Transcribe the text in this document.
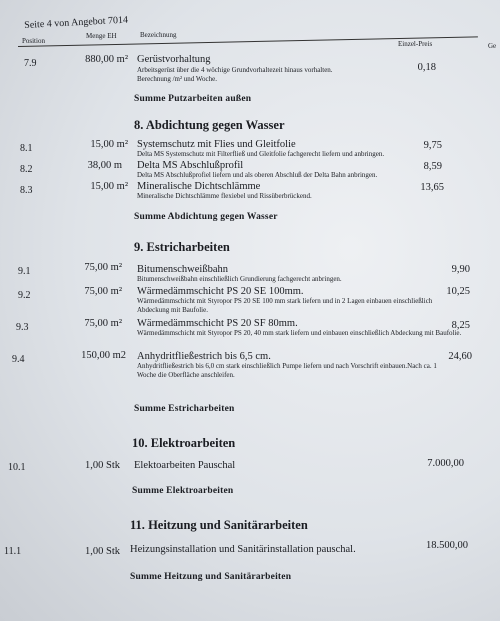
Seite 4 von Angebot 7014
Position
Menge EH	Bezeichnung
Einzel-Preis	Ge
7.9	880,00 m² Gerüstvorhaltung
Arbeitsgerüst über die 4 wöchige Grundvorhaltezeit hinaus vorhalten. Berechnung /m² und Woche.
0,18
Summe Putzarbeiten außen
8. Abdichtung gegen Wasser
8.1	15,00 m² Systemschutz mit Flies und Gleitfolie
Delta MS Systemschutz mit Filterfließ und Gleitfolie fachgerecht liefern und anbringen.
9,75
8.2	38,00 m Delta MS Abschlußprofil
Delta MS Abschlußprofiel liefern und als oberen Abschluß der Delta Bahn anbringen.
8,59
8.3	15,00 m² Mineralische Dichtschlämme
Mineralische Dichtschlämme flexiebel und Rissüberbrückend.
13,65
Summe Abdichtung gegen Wasser
9. Estricharbeiten
9.1	75,00 m² Bitumenschweißbahn
Bitumenschweißbahn einschließlich Grundierung fachgerecht anbringen.
9,90
9.2	75,00 m² Wärmedämmschicht PS 20 SE 100mm.
Wärmedämmschicht mit Styropor PS 20 SE 100 mm stark liefern und in 2 Lagen einbauen einschließlich Abdeckung mit Baufolie.
10,25
9.3	75,00 m² Wärmedämmschicht PS 20 SF 80mm.
Wärmedämmschicht mit Styropor PS 20, 40 mm stark liefern und einbauen einschließlich Abdeckung mit Baufolie.
8,25
9.4	150,00 m2 Anhydritfließestrich bis 6,5 cm.
Anhydritfließestrich bis 6,0 cm stark einschließlich Pumpe liefern und nach Vorschrift einbauen.Nach ca. 1 Woche die Oberfläche anschleifen.
24,60
Summe Estricharbeiten
10. Elektroarbeiten
10.1	1,00 Stk Elektoarbeiten Pauschal	7.000,00
Summe Elektroarbeiten
11. Heitzung und Sanitärarbeiten
11.1	1,00 Stk Heizungsinstallation und Sanitärinstallation pauschal.	18.500,00
Summe Heitzung und Sanitärarbeiten
